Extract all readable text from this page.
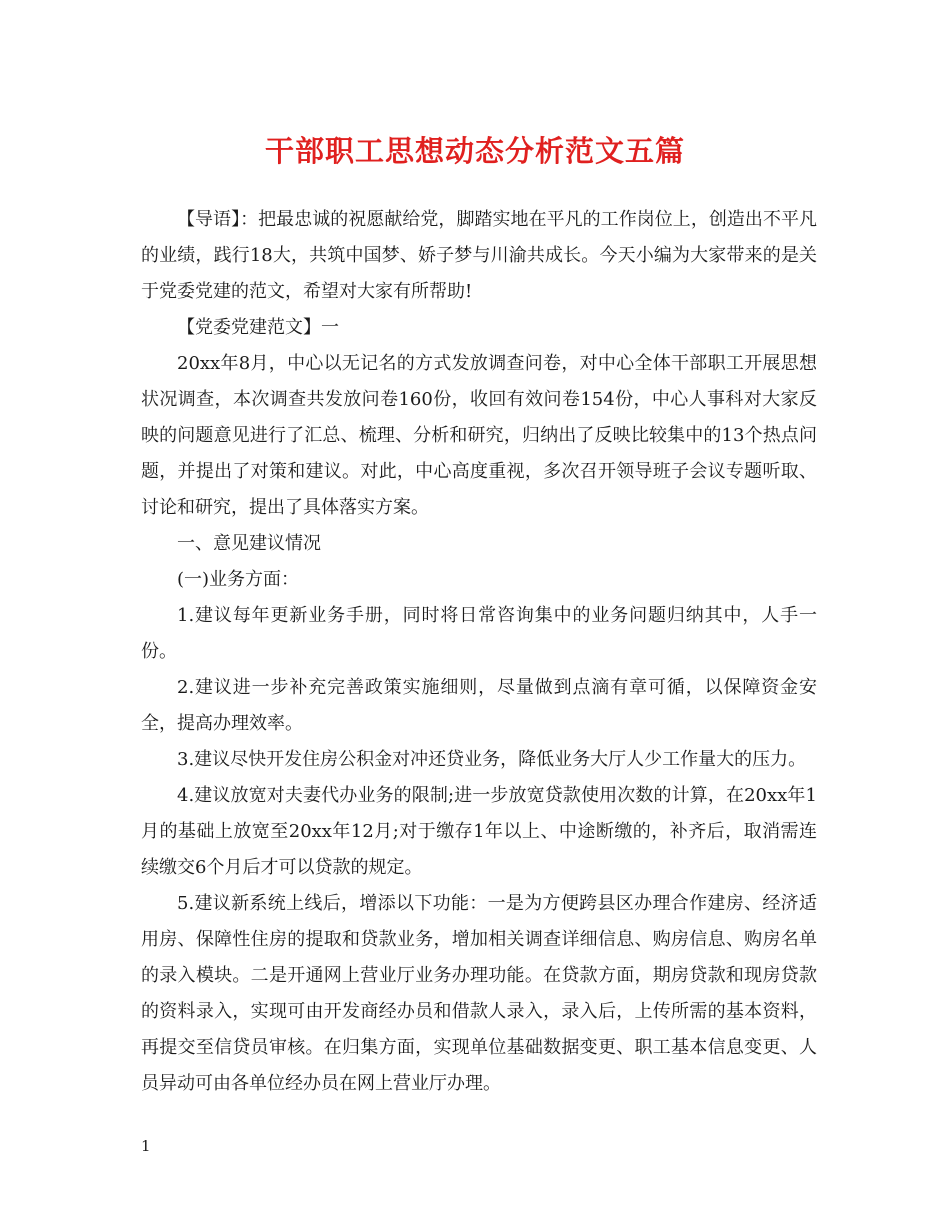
干部职工思想动态分析范文五篇

【导语】：把最忠诚的祝愿献给党，脚踏实地在平凡的工作岗位上，创造出不平凡的业绩，践行18大，共筑中国梦、娇子梦与川渝共成长。今天小编为大家带来的是关于党委党建的范文，希望对大家有所帮助!

【党委党建范文】一

20xx年8月，中心以无记名的方式发放调查问卷，对中心全体干部职工开展思想状况调查，本次调查共发放问卷160份，收回有效问卷154份，中心人事科对大家反映的问题意见进行了汇总、梳理、分析和研究，归纳出了反映比较集中的13个热点问题，并提出了对策和建议。对此，中心高度重视，多次召开领导班子会议专题听取、讨论和研究，提出了具体落实方案。

一、意见建议情况

(一)业务方面：

1.建议每年更新业务手册，同时将日常咨询集中的业务问题归纳其中，人手一份。

2.建议进一步补充完善政策实施细则，尽量做到点滴有章可循，以保障资金安全，提高办理效率。

3.建议尽快开发住房公积金对冲还贷业务，降低业务大厅人少工作量大的压力。

4.建议放宽对夫妻代办业务的限制;进一步放宽贷款使用次数的计算，在20xx年1月的基础上放宽至20xx年12月;对于缴存1年以上、中途断缴的，补齐后，取消需连续缴交6个月后才可以贷款的规定。

5.建议新系统上线后，增添以下功能：一是为方便跨县区办理合作建房、经济适用房、保障性住房的提取和贷款业务，增加相关调查详细信息、购房信息、购房名单的录入模块。二是开通网上营业厅业务办理功能。在贷款方面，期房贷款和现房贷款的资料录入，实现可由开发商经办员和借款人录入，录入后，上传所需的基本资料，再提交至信贷员审核。在归集方面，实现单位基础数据变更、职工基本信息变更、人员异动可由各单位经办员在网上营业厅办理。

1
